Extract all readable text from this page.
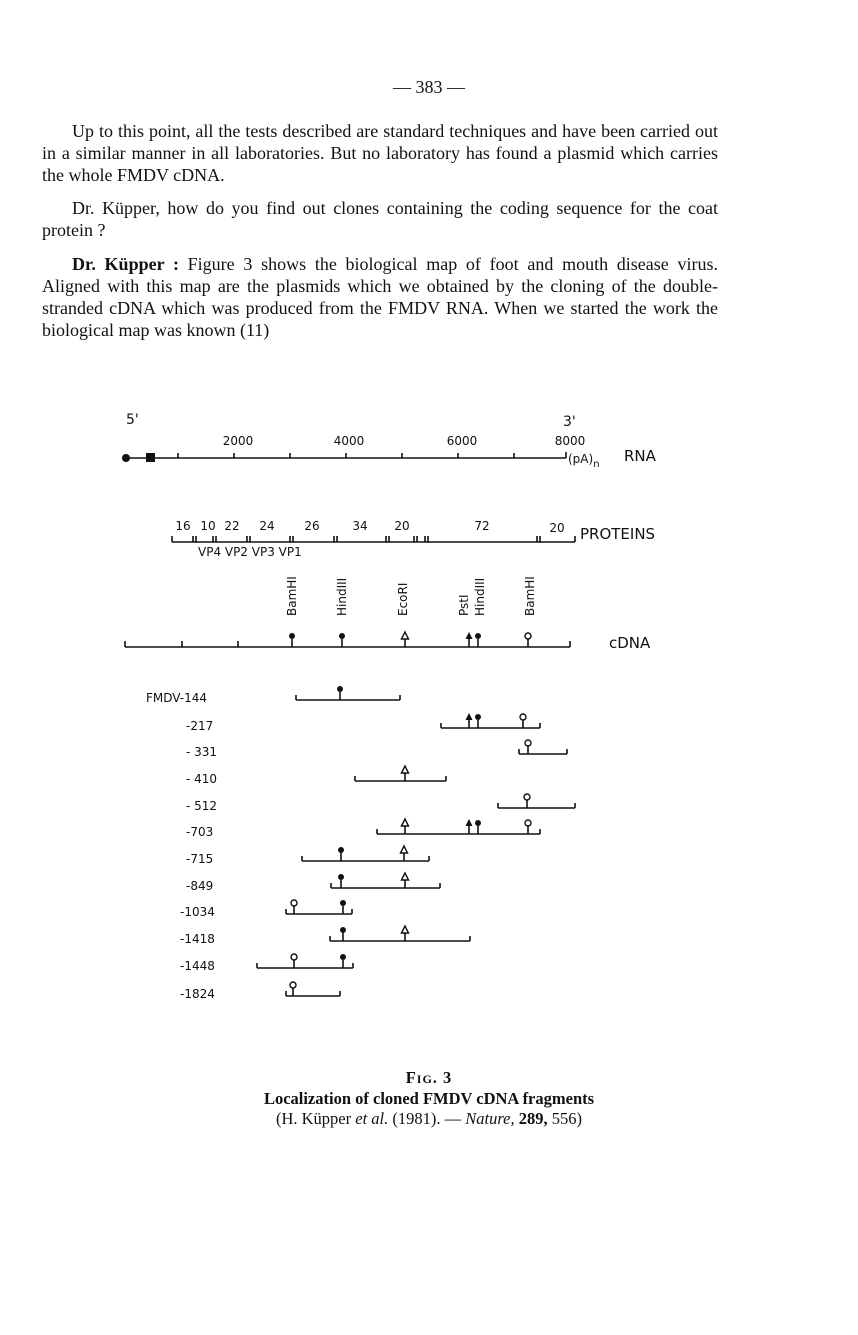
— 383 —

Up to this point, all the tests described are standard techniques and have been carried out in a similar manner in all laboratories. But no laboratory has found a plasmid which carries the whole FMDV cDNA.

Dr. Küpper, how do you find out clones containing the coding sequence for the coat protein ?

Dr. Küpper : Figure 3 shows the biological map of foot and mouth disease virus. Aligned with this map are the plasmids which we obtained by the cloning of the double-stranded cDNA which was produced from the FMDV RNA. When we started the work the biological map was known (11)

5'	3'
2000	4000	6000	8000
$(pA)_n$ RNA
16 10 22 24 26	34 20	72	20
VP4 VP2 VP3 VP1
PROTEINS
BamHI	HindIII	EcoRI	PstI HindIII	BamHI
cDNA
FMDV-144
-217
- 331
- 410
- 512
-703
-715
-849
-1034
-1418
-1448
-1824
Fig. 3
Localization of cloned FMDV cDNA fragments
(H. Küpper et al. (1981). — Nature, 289, 556)
